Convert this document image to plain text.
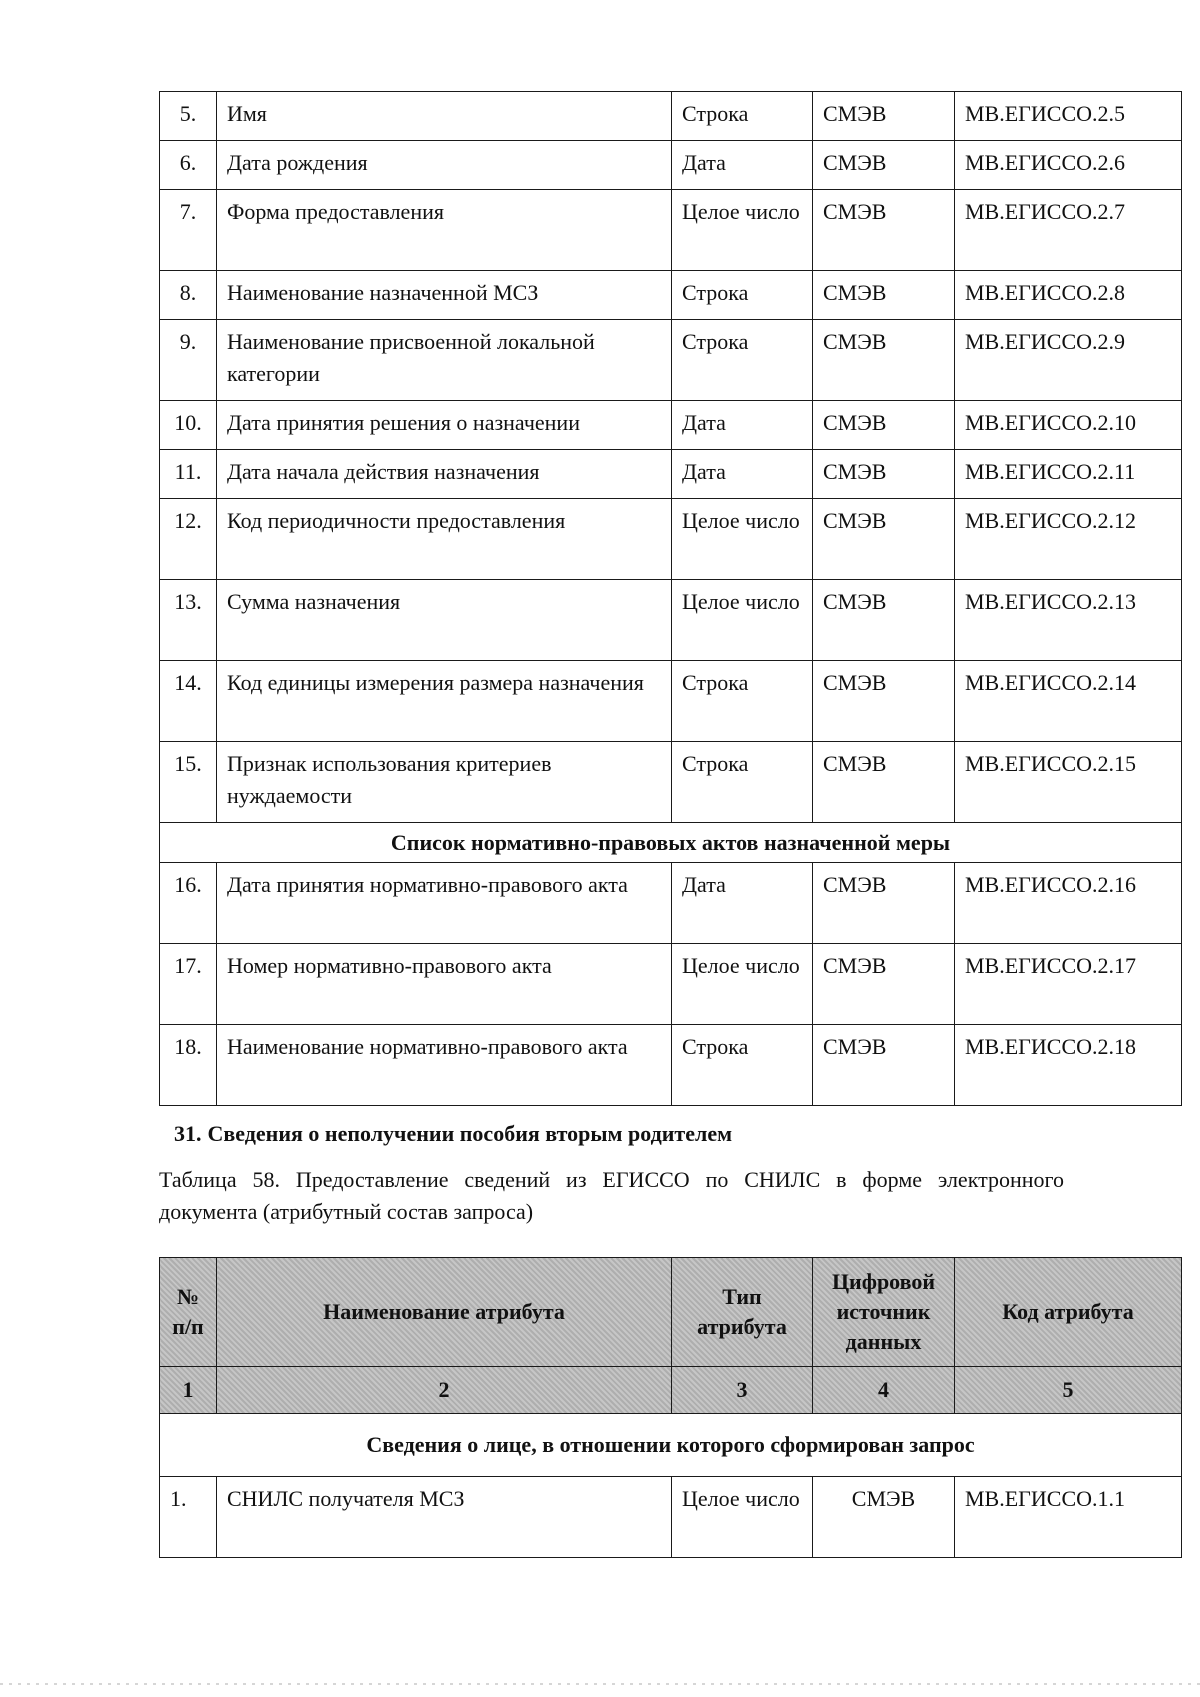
5.	Имя	Строка	СМЭВ	МВ.ЕГИССО.2.5
6.	Дата рождения	Дата	СМЭВ	МВ.ЕГИССО.2.6
7.	Форма предоставления	Целое число	СМЭВ	МВ.ЕГИССО.2.7
8.	Наименование назначенной МСЗ	Строка	СМЭВ	МВ.ЕГИССО.2.8
9.	Наименование присвоенной локальной категории	Строка	СМЭВ	МВ.ЕГИССО.2.9
10.	Дата принятия решения о назначении	Дата	СМЭВ	МВ.ЕГИССО.2.10
11.	Дата начала действия назначения	Дата	СМЭВ	МВ.ЕГИССО.2.11
12.	Код периодичности предоставления	Целое число	СМЭВ	МВ.ЕГИССО.2.12
13.	Сумма назначения	Целое число	СМЭВ	МВ.ЕГИССО.2.13
14.	Код единицы измерения размера назначения	Строка	СМЭВ	МВ.ЕГИССО.2.14
15.	Признак использования критериев нуждаемости	Строка	СМЭВ	МВ.ЕГИССО.2.15
Список нормативно-правовых актов назначенной меры				
16.	Дата принятия нормативно-правового акта	Дата	СМЭВ	МВ.ЕГИССО.2.16
17.	Номер нормативно-правового акта	Целое число	СМЭВ	МВ.ЕГИССО.2.17
18.	Наименование нормативно-правового акта	Строка	СМЭВ	МВ.ЕГИССО.2.18
31. Сведения о неполучении пособия вторым родителем
Таблица 58. Предоставление сведений из ЕГИССО по СНИЛС в форме электронного
документа (атрибутный состав запроса)
№ п/п	Наименование атрибута	Тип атрибута	Цифровой источник данных	Код атрибута
1	2	3	4	5
Сведения о лице, в отношении которого сформирован запрос				
1.	СНИЛС получателя МСЗ	Целое число	СМЭВ	МВ.ЕГИССО.1.1
